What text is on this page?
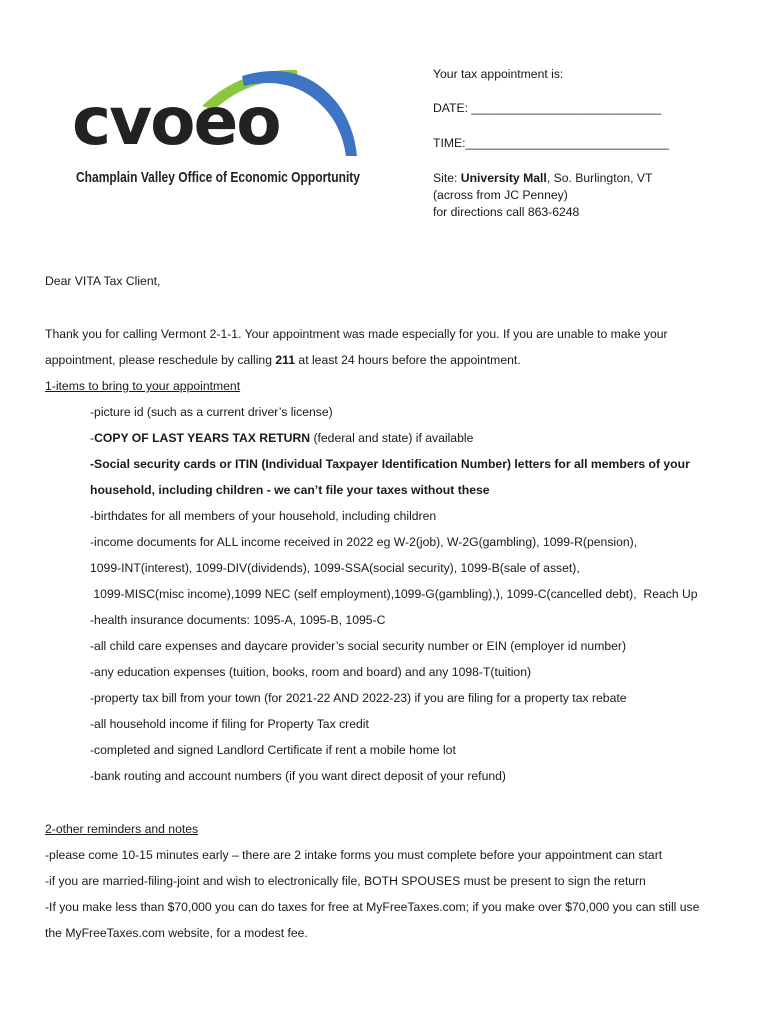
cvoeo
Champlain Valley Office of Economic Opportunity
Your tax appointment is:
DATE: ____________________________
TIME:______________________________
Site: University Mall, So. Burlington, VT
(across from JC Penney)
for directions call 863-6248
Dear VITA Tax Client,
Thank you for calling Vermont 2-1-1. Your appointment was made especially for you. If you are unable to make your
appointment, please reschedule by calling 211 at least 24 hours before the appointment.
1-items to bring to your appointment
-picture id (such as a current driver’s license)
-COPY OF LAST YEARS TAX RETURN (federal and state) if available
-Social security cards or ITIN (Individual Taxpayer Identification Number) letters for all members of your
household, including children - we can’t file your taxes without these
-birthdates for all members of your household, including children
-income documents for ALL income received in 2022 eg W-2(job), W-2G(gambling), 1099-R(pension),
1099-INT(interest), 1099-DIV(dividends), 1099-SSA(social security), 1099-B(sale of asset),
1099-MISC(misc income),1099 NEC (self employment),1099-G(gambling),), 1099-C(cancelled debt),  Reach Up
-health insurance documents: 1095-A, 1095-B, 1095-C
-all child care expenses and daycare provider’s social security number or EIN (employer id number)
-any education expenses (tuition, books, room and board) and any 1098-T(tuition)
-property tax bill from your town (for 2021-22 AND 2022-23) if you are filing for a property tax rebate
-all household income if filing for Property Tax credit
-completed and signed Landlord Certificate if rent a mobile home lot
-bank routing and account numbers (if you want direct deposit of your refund)
2-other reminders and notes
-please come 10-15 minutes early – there are 2 intake forms you must complete before your appointment can start
-if you are married-filing-joint and wish to electronically file, BOTH SPOUSES must be present to sign the return
-If you make less than $70,000 you can do taxes for free at MyFreeTaxes.com; if you make over $70,000 you can still use
the MyFreeTaxes.com website, for a modest fee.
